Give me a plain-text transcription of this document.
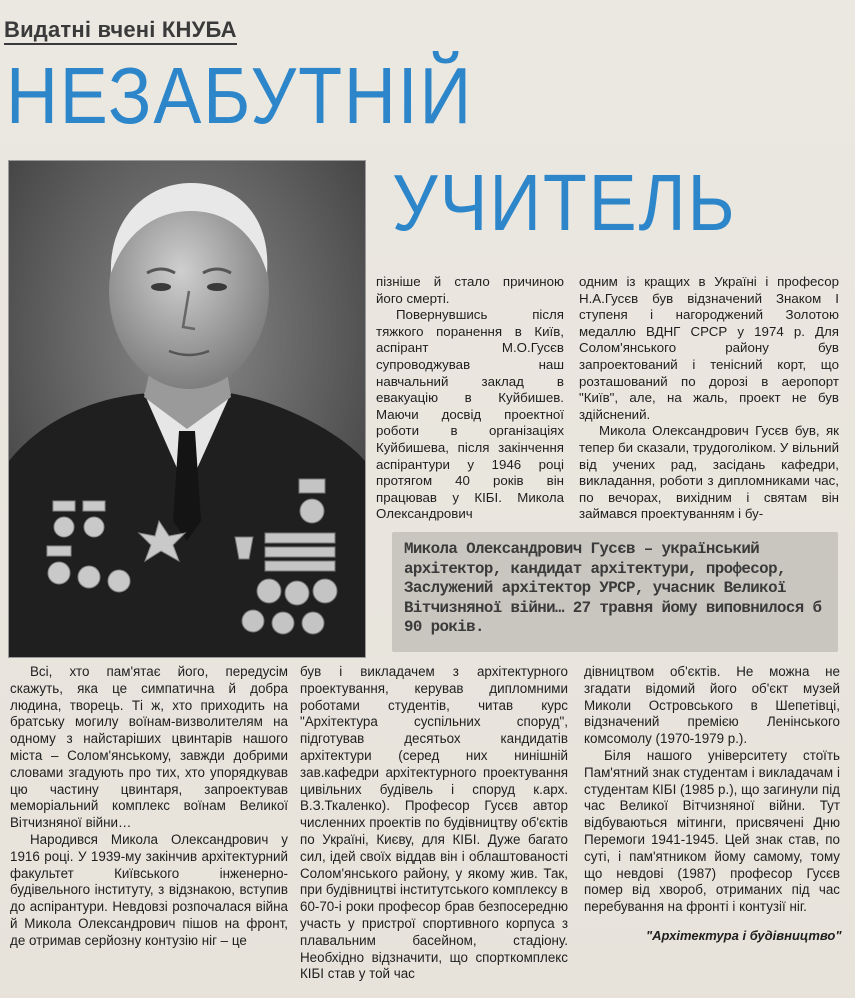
Видатні вчені КНУБА
НЕЗАБУТНІЙ
УЧИТЕЛЬ

пізніше й стало причиною його смерті.

Повернувшись після тяжкого поранення в Київ, аспірант М.О.Гусєв супроводжував наш навчальний заклад в евакуацію в Куйбишев. Маючи досвід проектної роботи в організаціях Куйбишева, після закінчення аспірантури у 1946 році протягом 40 років він працював у КІБІ. Микола Олександрович

одним із кращих в Україні і професор Н.А.Гусєв був відзначений Знаком І ступеня і нагороджений Золотою медаллю ВДНГ СРСР у 1974 р. Для Солом'янського району був запроектований і тенісний корт, що розташований по дорозі в аеропорт "Київ", але, на жаль, проект не був здійснений.

Микола Олександрович Гусєв був, як тепер би сказали, трудоголіком. У вільний від учених рад, засідань кафедри, викладання, роботи з дипломниками час, по вечорах, вихідним і святам він займався проектуванням і бу-

Микола Олександрович Гусєв – український архітектор, кандидат архітектури, професор, Заслужений архітектор УРСР, учасник Великої Вітчизняної війни… 27 травня йому виповнилося б 90 років.

Всі, хто пам'ятає його, передусім скажуть, яка це симпатична й добра людина, творець. Ті ж, хто приходить на братську могилу воїнам-визволителям на одному з найстаріших цвинтарів нашого міста – Солом'янському, завжди добрими словами згадують про тих, хто упорядкував цю частину цвинтаря, запроектував меморіальний комплекс воїнам Великої Вітчизняної війни…

Народився Микола Олександрович у 1916 році. У 1939-му закінчив архітектурний факультет Київського інженерно-будівельного інституту, з відзнакою, вступив до аспірантури. Невдовзі розпочалася війна й Микола Олександрович пішов на фронт, де отримав серйозну контузію ніг – це

був і викладачем з архітектурного проектування, керував дипломними роботами студентів, читав курс "Архітектура суспільних споруд", підготував десятьох кандидатів архітектури (серед них нинішній зав.кафедри архітектурного проектування цивільних будівель і споруд к.арх. В.З.Ткаленко). Професор Гусєв автор численних проектів по будівництву об'єктів по Україні, Києву, для КІБІ. Дуже багато сил, ідей своїх віддав він і облаштованості Солом'янського району, у якому жив. Так, при будівництві інститутського комплексу в 60-70-і роки професор брав безпосередню участь у пристрої спортивного корпуса з плавальним басейном, стадіону. Необхідно відзначити, що спорткомплекс КІБІ став у той час

дівництвом об'єктів. Не можна не згадати відомий його об'єкт музей Миколи Островського в Шепетівці, відзначений премією Ленінського комсомолу (1970-1979 р.).

Біля нашого університету стоїть Пам'ятний знак студентам і викладачам і студентам КІБІ (1985 р.), що загинули під час Великої Вітчизняної війни. Тут відбуваються мітинги, присвячені Дню Перемоги 1941-1945. Цей знак став, по суті, і пам'ятником йому самому, тому що невдові (1987) професор Гусєв помер від хвороб, отриманих під час перебування на фронті і контузії ніг.

"Архітектура і будівництво"
